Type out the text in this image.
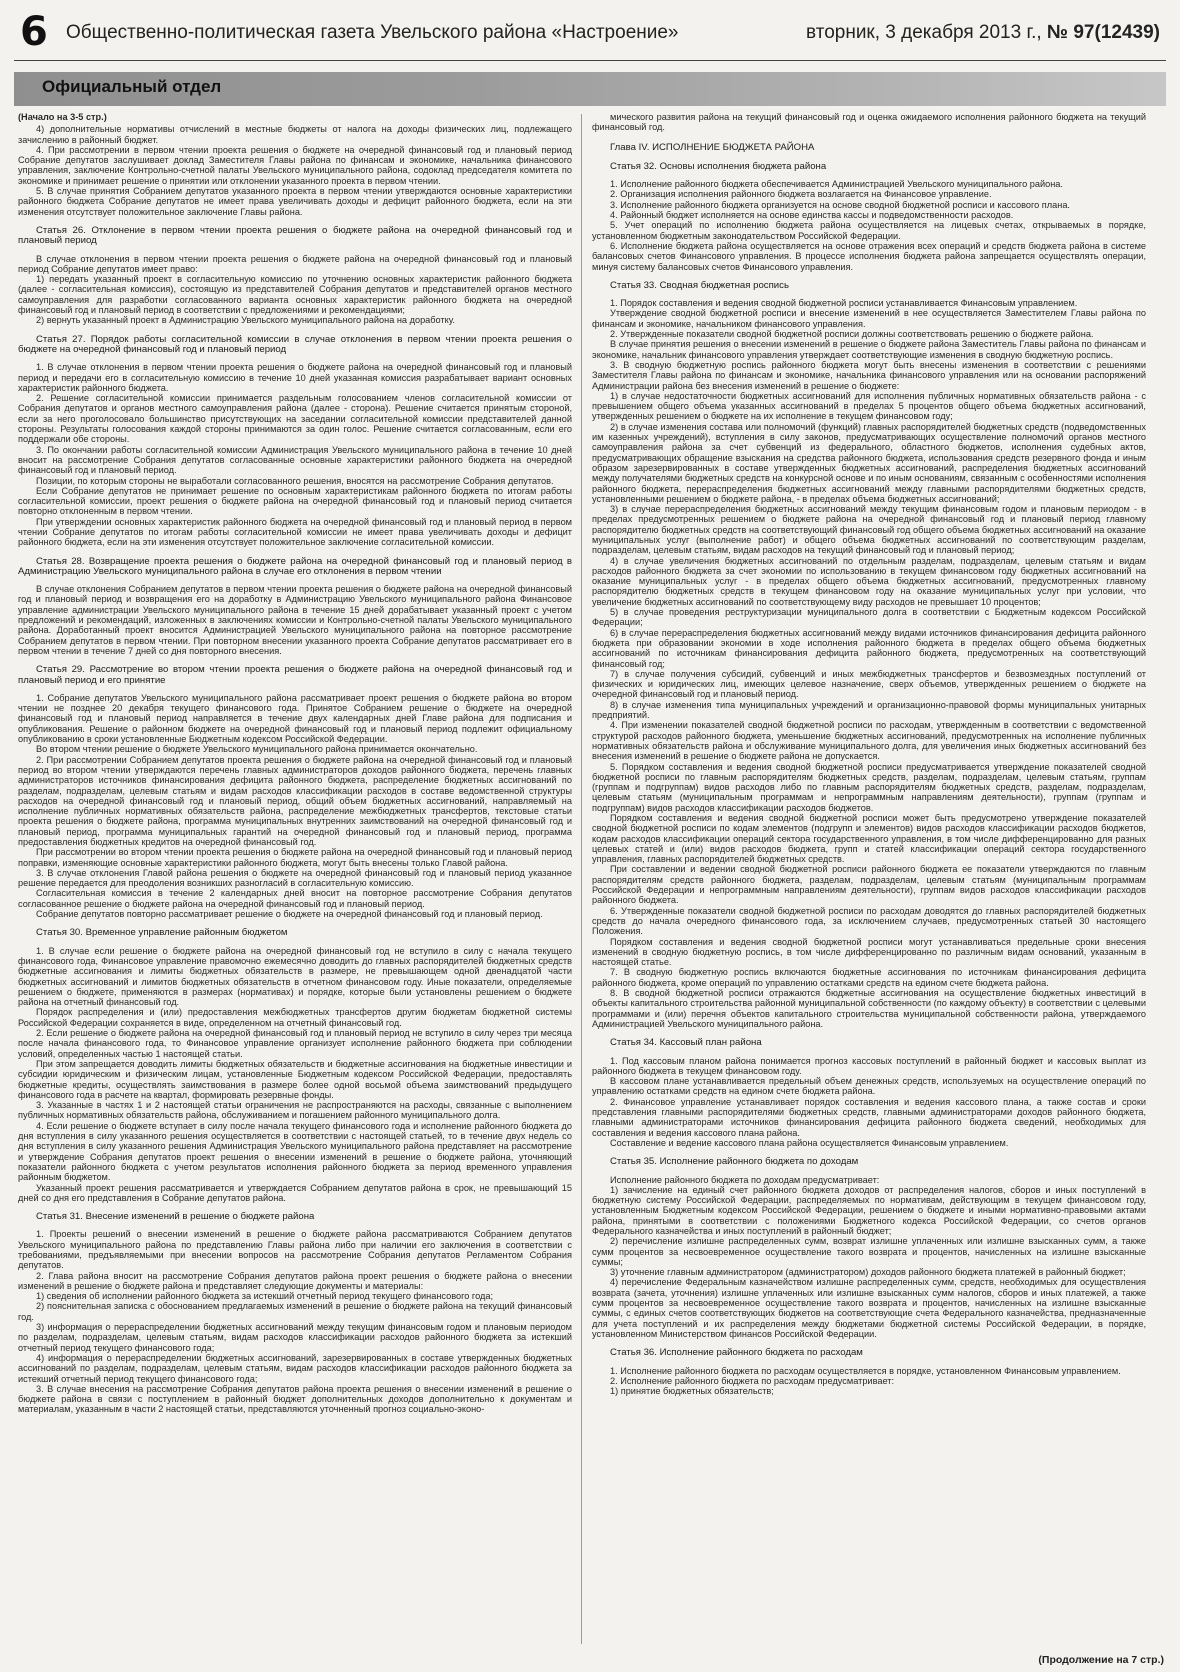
6 Общественно-политическая газета Увельского района «Настроение»	вторник, 3 декабря 2013 г., № 97(12439)
Официальный отдел

(Начало на 3-5 стр.)

4) дополнительные нормативы отчислений в местные бюджеты от налога на доходы физических лиц, подлежащего зачислению в районный бюджет.

4. При рассмотрении в первом чтении проекта решения о бюджете на очередной финансовый год и плановый период Собрание депутатов заслушивает доклад Заместителя Главы района по финансам и экономике, начальника финансового управления, заключение Контрольно-счетной палаты Увельского муниципального района, содоклад председателя комитета по экономике и принимает решение о принятии или отклонении указанного проекта в первом чтении.

5. В случае принятия Собранием депутатов указанного проекта в первом чтении утверждаются основные характеристики районного бюджета Собрание депутатов не имеет права увеличивать доходы и дефицит районного бюджета, если на эти изменения отсутствует положительное заключение Главы района.

Статья 26. Отклонение в первом чтении проекта решения о бюджете района на очередной финансовый год и плановый период

В случае отклонения в первом чтении проекта решения о бюджете района на очередной финансовый год и плановый период Собрание депутатов имеет право:

1) передать указанный проект в согласительную комиссию по уточнению основных характеристик районного бюджета (далее - согласительная комиссия), состоящую из представителей Собрания депутатов и представителей органов местного самоуправления для разработки согласованного варианта основных характеристик районного бюджета на очередной финансовый год и плановый период в соответствии с предложениями и рекомендациями;

2) вернуть указанный проект в Администрацию Увельского муниципального района на доработку.

Статья 27. Порядок работы согласительной комиссии в случае отклонения в первом чтении проекта решения о бюджете на очередной финансовый год и плановый период

1. В случае отклонения в первом чтении проекта решения о бюджете района на очередной финансовый год и плановый период и передачи его в согласительную комиссию в течение 10 дней указанная комиссия разрабатывает вариант основных характеристик районного бюджета.

2. Решение согласительной комиссии принимается раздельным голосованием членов согласительной комиссии от Собрания депутатов и органов местного самоуправления района (далее - сторона). Решение считается принятым стороной, если за него проголосовало большинство присутствующих на заседании согласительной комиссии представителей данной стороны. Результаты голосования каждой стороны принимаются за один голос. Решение считается согласованным, если его поддержали обе стороны.

3. По окончании работы согласительной комиссии Администрация Увельского муниципального района в течение 10 дней вносит на рассмотрение Собрания депутатов согласованные основные характеристики районного бюджета на очередной финансовый год и плановый период.

Позиции, по которым стороны не выработали согласованного решения, вносятся на рассмотрение Собрания депутатов.

Если Собрание депутатов не принимает решение по основным характеристикам районного бюджета по итогам работы согласительной комиссии, проект решения о бюджете района на очередной финансовый год и плановый период считается повторно отклоненным в первом чтении.

При утверждении основных характеристик районного бюджета на очередной финансовый год и плановый период в первом чтении Собрание депутатов по итогам работы согласительной комиссии не имеет права увеличивать доходы и дефицит районного бюджета, если на эти изменения отсутствует положительное заключение согласительной комиссии.

Статья 28. Возвращение проекта решения о бюджете района на очередной финансовый год и плановый период в Администрацию Увельского муниципального района в случае его отклонения в первом чтении

В случае отклонения Собранием депутатов в первом чтении проекта решения о бюджете района на очередной финансовый год и плановый период и возвращения его на доработку в Администрацию Увельского муниципального района Финансовое управление администрации Увельского муниципального района в течение 15 дней дорабатывает указанный проект с учетом предложений и рекомендаций, изложенных в заключениях комиссии и Контрольно-счетной палаты Увельского муниципального района. Доработанный проект вносится Администрацией Увельского муниципального района на повторное рассмотрение Собранием депутатов в первом чтении. При повторном внесении указанного проекта Собрание депутатов рассматривает его в первом чтении в течение 7 дней со дня повторного внесения.

Статья 29. Рассмотрение во втором чтении проекта решения о бюджете района на очередной финансовый год и плановый период и его принятие

1. Собрание депутатов Увельского муниципального района рассматривает проект решения о бюджете района во втором чтении не позднее 20 декабря текущего финансового года. Принятое Собранием решение о бюджете на очередной финансовый год и плановый период направляется в течение двух календарных дней Главе района для подписания и опубликования. Решение о районном бюджете на очередной финансовый год и плановый период подлежит официальному опубликованию в сроки установленные Бюджетным кодексом Российской Федерации.

Во втором чтении решение о бюджете Увельского муниципального района принимается окончательно.

2. При рассмотрении Собранием депутатов проекта решения о бюджете района на очередной финансовый год и плановый период во втором чтении утверждаются перечень главных администраторов доходов районного бюджета, перечень главных администраторов источников финансирования дефицита районного бюджета, распределение бюджетных ассигнований по разделам, подразделам, целевым статьям и видам расходов классификации расходов в составе ведомственной структуры расходов на очередной финансовый год и плановый период, общий объем бюджетных ассигнований, направляемый на исполнение публичных нормативных обязательств района, распределение межбюджетных трансфертов, текстовые статьи проекта решения о бюджете района, программа муниципальных внутренних заимствований на очередной финансовый год и плановый период, программа муниципальных гарантий на очередной финансовый год и плановый период, программа предоставления бюджетных кредитов на очередной финансовый год.

При рассмотрении во втором чтении проекта решения о бюджете района на очередной финансовый год и плановый период поправки, изменяющие основные характеристики районного бюджета, могут быть внесены только Главой района.

3. В случае отклонения Главой района решения о бюджете на очередной финансовый год и плановый период указанное решение передается для преодоления возникших разногласий в согласительную комиссию.

Согласительная комиссия в течение 2 календарных дней вносит на повторное рассмотрение Собрания депутатов согласованное решение о бюджете района на очередной финансовый год и плановый период.

Собрание депутатов повторно рассматривает решение о бюджете на очередной финансовый год и плановый период.

Статья 30. Временное управление районным бюджетом

1. В случае если решение о бюджете района на очередной финансовый год не вступило в силу с начала текущего финансового года, Финансовое управление правомочно ежемесячно доводить до главных распорядителей бюджетных средств бюджетные ассигнования и лимиты бюджетных обязательств в размере, не превышающем одной двенадцатой части бюджетных ассигнований и лимитов бюджетных обязательств в отчетном финансовом году. Иные показатели, определяемые решением о бюджете, применяются в размерах (нормативах) и порядке, которые были установлены решением о бюджете района на отчетный финансовый год.

Порядок распределения и (или) предоставления межбюджетных трансфертов другим бюджетам бюджетной системы Российской Федерации сохраняется в виде, определенном на отчетный финансовый год.

2. Если решение о бюджете района на очередной финансовый год и плановый период не вступило в силу через три месяца после начала финансового года, то Финансовое управление организует исполнение районного бюджета при соблюдении условий, определенных частью 1 настоящей статьи.

При этом запрещается доводить лимиты бюджетных обязательств и бюджетные ассигнования на бюджетные инвестиции и субсидии юридическим и физическим лицам, установленные Бюджетным кодексом Российской Федерации, предоставлять бюджетные кредиты, осуществлять заимствования в размере более одной восьмой объема заимствований предыдущего финансового года в расчете на квартал, формировать резервные фонды.

3. Указанные в частях 1 и 2 настоящей статьи ограничения не распространяются на расходы, связанные с выполнением публичных нормативных обязательств района, обслуживанием и погашением районного муниципального долга.

4. Если решение о бюджете вступает в силу после начала текущего финансового года и исполнение районного бюджета до дня вступления в силу указанного решения осуществляется в соответствии с настоящей статьей, то в течение двух недель со дня вступления в силу указанного решения Администрация Увельского муниципального района представляет на рассмотрение и утверждение Собрания депутатов проект решения о внесении изменений в решение о бюджете района, уточняющий показатели районного бюджета с учетом результатов исполнения районного бюджета за период временного управления районным бюджетом.

Указанный проект решения рассматривается и утверждается Собранием депутатов района в срок, не превышающий 15 дней со дня его представления в Собрание депутатов района.

Статья 31. Внесение изменений в решение о бюджете района

1. Проекты решений о внесении изменений в решение о бюджете района рассматриваются Собранием депутатов Увельского муниципального района по представлению Главы района либо при наличии его заключения в соответствии с требованиями, предъявляемыми при внесении вопросов на рассмотрение Собрания депутатов Регламентом Собрания депутатов.

2. Глава района вносит на рассмотрение Собрания депутатов района проект решения о бюджете района о внесении изменений в решение о бюджете района и представляет следующие документы и материалы:

1) сведения об исполнении районного бюджета за истекший отчетный период текущего финансового года;

2) пояснительная записка с обоснованием предлагаемых изменений в решение о бюджете района на текущий финансовый год.

3) информация о перераспределении бюджетных ассигнований между текущим финансовым годом и плановым периодом по разделам, подразделам, целевым статьям, видам расходов классификации расходов районного бюджета за истекший отчетный период текущего финансового года;

4) информация о перераспределении бюджетных ассигнований, зарезервированных в составе утвержденных бюджетных ассигнований по разделам, подразделам, целевым статьям, видам расходов классификации расходов районного бюджета за истекший отчетный период текущего финансового года;

3. В случае внесения на рассмотрение Собрания депутатов района проекта решения о внесении изменений в решение о бюджете района в связи с поступлением в районный бюджет дополнительных доходов дополнительно к документам и материалам, указанным в части 2 настоящей статьи, представляются уточненный прогноз социально-эконо-

мического развития района на текущий финансовый год и оценка ожидаемого исполнения районного бюджета на текущий финансовый год.

Глава IV. ИСПОЛНЕНИЕ БЮДЖЕТА РАЙОНА
Статья 32. Основы исполнения бюджета района

1. Исполнение районного бюджета обеспечивается Администрацией Увельского муниципального района.

2. Организация исполнения районного бюджета возлагается на Финансовое управление.

3. Исполнение районного бюджета организуется на основе сводной бюджетной росписи и кассового плана.

4. Районный бюджет исполняется на основе единства кассы и подведомственности расходов.

5. Учет операций по исполнению бюджета района осуществляется на лицевых счетах, открываемых в порядке, установленном бюджетным законодательством Российской Федерации.

6. Исполнение бюджета района осуществляется на основе отражения всех операций и средств бюджета района в системе балансовых счетов Финансового управления. В процессе исполнения бюджета района запрещается осуществлять операции, минуя систему балансовых счетов Финансового управления.

Статья 33. Сводная бюджетная роспись

1. Порядок составления и ведения сводной бюджетной росписи устанавливается Финансовым управлением.

Утверждение сводной бюджетной росписи и внесение изменений в нее осуществляется Заместителем Главы района по финансам и экономике, начальником финансового управления.

2. Утвержденные показатели сводной бюджетной росписи должны соответствовать решению о бюджете района.

В случае принятия решения о внесении изменений в решение о бюджете района Заместитель Главы района по финансам и экономике, начальник финансового управления утверждает соответствующие изменения в сводную бюджетную роспись.

3. В сводную бюджетную роспись районного бюджета могут быть внесены изменения в соответствии с решениями Заместителя Главы района по финансам и экономике, начальника финансового управления или на основании распоряжений Администрации района без внесения изменений в решение о бюджете:

1) в случае недостаточности бюджетных ассигнований для исполнения публичных нормативных обязательств района - с превышением общего объема указанных ассигнований в пределах 5 процентов общего объема бюджетных ассигнований, утвержденных решением о бюджете на их исполнение в текущем финансовом году;

2) в случае изменения состава или полномочий (функций) главных распорядителей бюджетных средств (подведомственных им казенных учреждений), вступления в силу законов, предусматривающих осуществление полномочий органов местного самоуправления района за счет субвенций из федерального, областного бюджетов, исполнения судебных актов, предусматривающих обращение взыскания на средства районного бюджета, использования средств резервного фонда и иным образом зарезервированных в составе утвержденных бюджетных ассигнований, распределения бюджетных ассигнований между получателями бюджетных средств на конкурсной основе и по иным основаниям, связанным с особенностями исполнения районного бюджета, перераспределения бюджетных ассигнований между главными распорядителями бюджетных средств, установленными решением о бюджете района, - в пределах объема бюджетных ассигнований;

3) в случае перераспределения бюджетных ассигнований между текущим финансовым годом и плановым периодом - в пределах предусмотренных решением о бюджете района на очередной финансовый год и плановый период главному распорядителю бюджетных средств на соответствующий финансовый год общего объема бюджетных ассигнований на оказание муниципальных услуг (выполнение работ) и общего объема бюджетных ассигнований по соответствующим разделам, подразделам, целевым статьям, видам расходов на текущий финансовый год и плановый период;

4) в случае увеличения бюджетных ассигнований по отдельным разделам, подразделам, целевым статьям и видам расходов районного бюджета за счет экономии по использованию в текущем финансовом году бюджетных ассигнований на оказание муниципальных услуг - в пределах общего объема бюджетных ассигнований, предусмотренных главному распорядителю бюджетных средств в текущем финансовом году на оказание муниципальных услуг при условии, что увеличение бюджетных ассигнований по соответствующему виду расходов не превышает 10 процентов;

5) в случае проведения реструктуризации муниципального долга в соответствии с Бюджетным кодексом Российской Федерации;

6) в случае перераспределения бюджетных ассигнований между видами источников финансирования дефицита районного бюджета при образовании экономии в ходе исполнения районного бюджета в пределах общего объема бюджетных ассигнований по источникам финансирования дефицита районного бюджета, предусмотренных на соответствующий финансовый год;

7) в случае получения субсидий, субвенций и иных межбюджетных трансфертов и безвозмездных поступлений от физических и юридических лиц, имеющих целевое назначение, сверх объемов, утвержденных решением о бюджете на очередной финансовый год и плановый период.

8) в случае изменения типа муниципальных учреждений и организационно-правовой формы муниципальных унитарных предприятий.

4. При изменении показателей сводной бюджетной росписи по расходам, утвержденным в соответствии с ведомственной структурой расходов районного бюджета, уменьшение бюджетных ассигнований, предусмотренных на исполнение публичных нормативных обязательств района и обслуживание муниципального долга, для увеличения иных бюджетных ассигнований без внесения изменений в решение о бюджете района не допускается.

5. Порядком составления и ведения сводной бюджетной росписи предусматривается утверждение показателей сводной бюджетной росписи по главным распорядителям бюджетных средств, разделам, подразделам, целевым статьям, группам (группам и подгруппам) видов расходов либо по главным распорядителям бюджетных средств, разделам, подразделам, целевым статьям (муниципальным программам и непрограммным направлениям деятельности), группам (группам и подгруппам) видов расходов классификации расходов бюджетов.

Порядком составления и ведения сводной бюджетной росписи может быть предусмотрено утверждение показателей сводной бюджетной росписи по кодам элементов (подгрупп и элементов) видов расходов классификации расходов бюджетов, кодам расходов классификации операций сектора государственного управления, в том числе дифференцированно для разных целевых статей и (или) видов расходов бюджета, групп и статей классификации операций сектора государственного управления, главных распорядителей бюджетных средств.

При составлении и ведении сводной бюджетной росписи районного бюджета ее показатели утверждаются по главным распорядителям средств районного бюджета, разделам, подразделам, целевым статьям (муниципальным программам Российской Федерации и непрограммным направлениям деятельности), группам видов расходов классификации расходов районного бюджета.

6. Утвержденные показатели сводной бюджетной росписи по расходам доводятся до главных распорядителей бюджетных средств до начала очередного финансового года, за исключением случаев, предусмотренных статьей 30 настоящего Положения.

Порядком составления и ведения сводной бюджетной росписи могут устанавливаться предельные сроки внесения изменений в сводную бюджетную роспись, в том числе дифференцированно по различным видам оснований, указанным в настоящей статье.

7. В сводную бюджетную роспись включаются бюджетные ассигнования по источникам финансирования дефицита районного бюджета, кроме операций по управлению остатками средств на едином счете бюджета района.

8. В сводной бюджетной росписи отражаются бюджетные ассигнования на осуществление бюджетных инвестиций в объекты капитального строительства районной муниципальной собственности (по каждому объекту) в соответствии с целевыми программами и (или) перечня объектов капитального строительства муниципальной собственности района, утверждаемого Администрацией Увельского муниципального района.

Статья 34. Кассовый план района

1. Под кассовым планом района понимается прогноз кассовых поступлений в районный бюджет и кассовых выплат из районного бюджета в текущем финансовом году.

В кассовом плане устанавливается предельный объем денежных средств, используемых на осуществление операций по управлению остатками средств на едином счете бюджета района.

2. Финансовое управление устанавливает порядок составления и ведения кассового плана, а также состав и сроки представления главными распорядителями бюджетных средств, главными администраторами доходов районного бюджета, главными администраторами источников финансирования дефицита районного бюджета сведений, необходимых для составления и ведения кассового плана района.

Составление и ведение кассового плана района осуществляется Финансовым управлением.

Статья 35. Исполнение районного бюджета по доходам

Исполнение районного бюджета по доходам предусматривает:

1) зачисление на единый счет районного бюджета доходов от распределения налогов, сборов и иных поступлений в бюджетную систему Российской Федерации, распределяемых по нормативам, действующим в текущем финансовом году, установленным Бюджетным кодексом Российской Федерации, решением о бюджете и иными нормативно-правовыми актами района, принятыми в соответствии с положениями Бюджетного кодекса Российской Федерации, со счетов органов Федерального казначейства и иных поступлений в районный бюджет;

2) перечисление излишне распределенных сумм, возврат излишне уплаченных или излишне взысканных сумм, а также сумм процентов за несвоевременное осуществление такого возврата и процентов, начисленных на излишне взысканные суммы;

3) уточнение главным администратором (администратором) доходов районного бюджета платежей в районный бюджет;

4) перечисление Федеральным казначейством излишне распределенных сумм, средств, необходимых для осуществления возврата (зачета, уточнения) излишне уплаченных или излишне взысканных сумм налогов, сборов и иных платежей, а также сумм процентов за несвоевременное осуществление такого возврата и процентов, начисленных на излишне взысканные суммы, с единых счетов соответствующих бюджетов на соответствующие счета Федерального казначейства, предназначенные для учета поступлений и их распределения между бюджетами бюджетной системы Российской Федерации, в порядке, установленном Министерством финансов Российской Федерации.

Статья 36. Исполнение районного бюджета по расходам

1. Исполнение районного бюджета по расходам осуществляется в порядке, установленном Финансовым управлением.

2. Исполнение районного бюджета по расходам предусматривает:

1) принятие бюджетных обязательств;

(Продолжение на 7 стр.)
